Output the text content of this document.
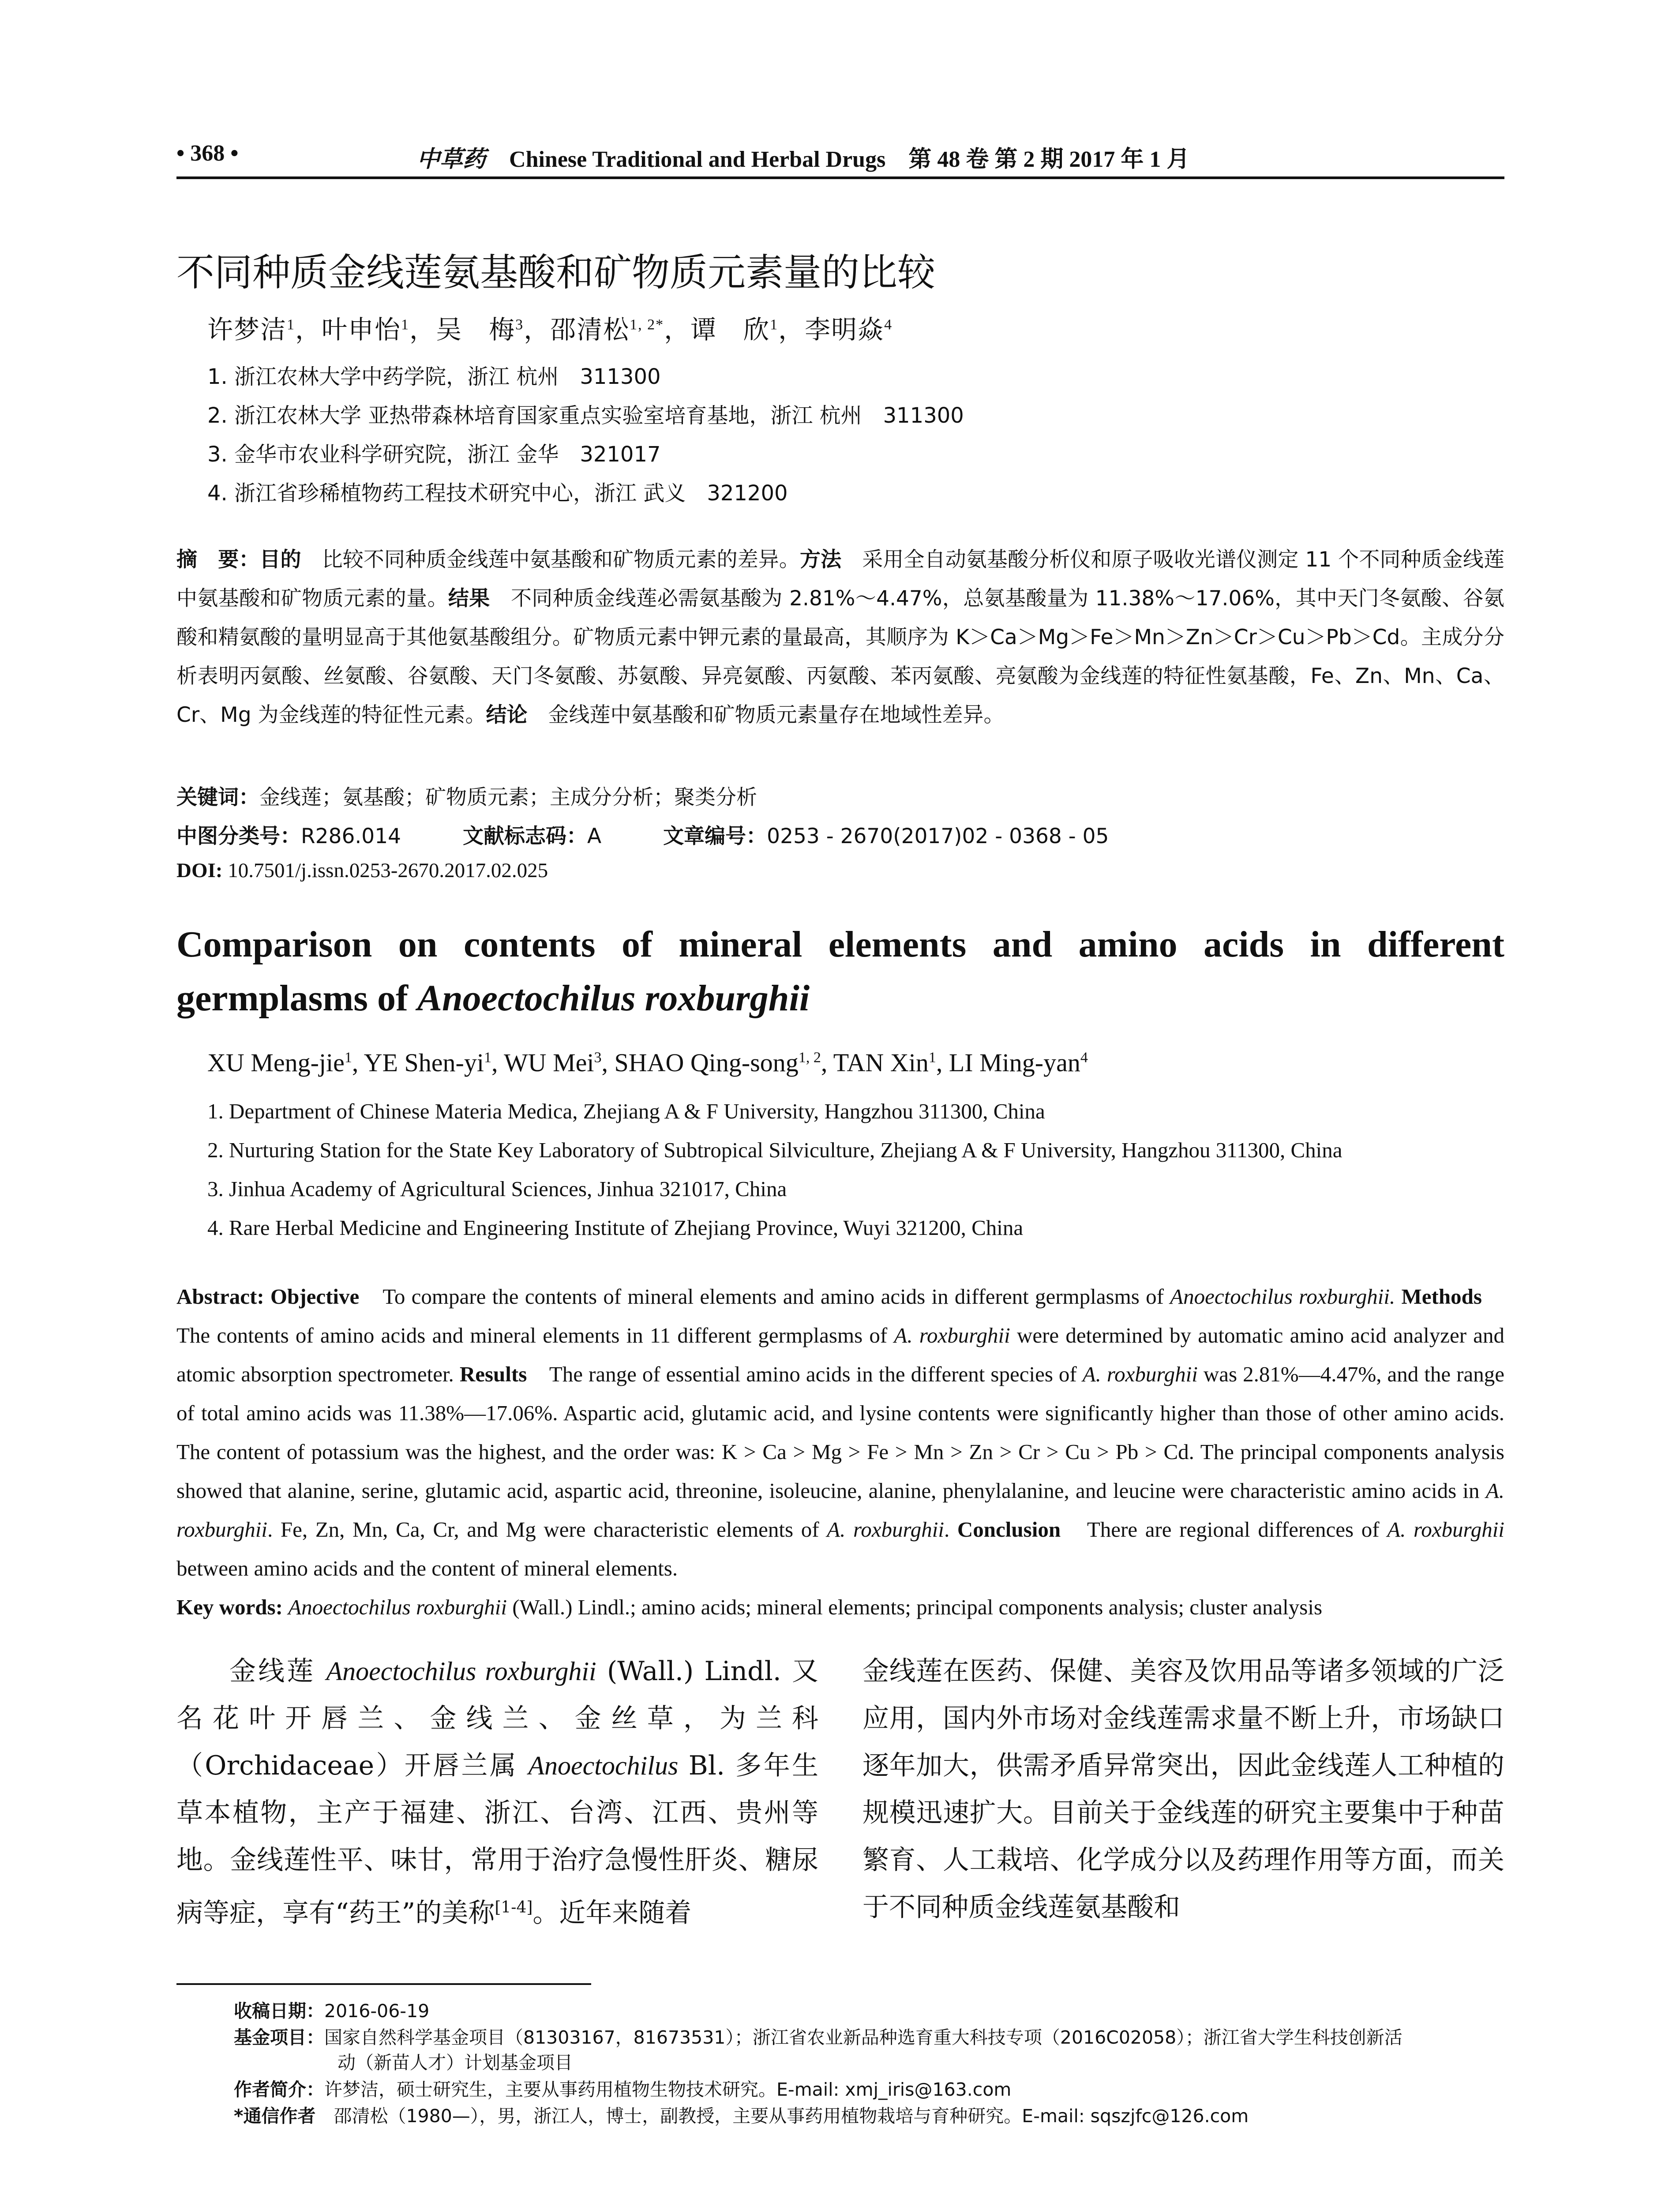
• 368 •	中草药 Chinese Traditional and Herbal Drugs 第 48 卷 第 2 期 2017 年 1 月
不同种质金线莲氨基酸和矿物质元素量的比较
许梦洁$^1$，叶申怡$^1$，吴　梅$^3$，邵清松$^{1, 2*}$，谭　欣$^1$，李明焱$^4$
1. 浙江农林大学中药学院，浙江 杭州　311300
2. 浙江农林大学 亚热带森林培育国家重点实验室培育基地，浙江 杭州　311300
3. 金华市农业科学研究院，浙江 金华　321017
4. 浙江省珍稀植物药工程技术研究中心，浙江 武义　321200
摘　要：目的　比较不同种质金线莲中氨基酸和矿物质元素的差异。方法　采用全自动氨基酸分析仪和原子吸收光谱仪测定 11 个不同种质金线莲中氨基酸和矿物质元素的量。结果　不同种质金线莲必需氨基酸为 2.81%～4.47%，总氨基酸量为 11.38%～17.06%，其中天门冬氨酸、谷氨酸和精氨酸的量明显高于其他氨基酸组分。矿物质元素中钾元素的量最高，其顺序为 K＞Ca＞Mg＞Fe＞Mn＞Zn＞Cr＞Cu＞Pb＞Cd。主成分分析表明丙氨酸、丝氨酸、谷氨酸、天门冬氨酸、苏氨酸、异亮氨酸、丙氨酸、苯丙氨酸、亮氨酸为金线莲的特征性氨基酸，Fe、Zn、Mn、Ca、Cr、Mg 为金线莲的特征性元素。结论　金线莲中氨基酸和矿物质元素量存在地域性差异。
关键词：金线莲；氨基酸；矿物质元素；主成分分析；聚类分析
中图分类号：R286.014	文献标志码：A	文章编号：0253 - 2670(2017)02 - 0368 - 05
DOI: 10.7501/j.issn.0253-2670.2017.02.025
Comparison on contents of mineral elements and amino acids in different germplasms of Anoectochilus roxburghii
XU Meng-jie$^1$, YE Shen-$yi^1$, WU Mei$^3$, SHAO Qing-song$^{1, 2}$, TAN Xin$^1$, LI Ming-yan$^4$
1. Department of Chinese Materia Medica, Zhejiang A & F University, Hangzhou 311300, China
2. Nurturing Station for the State Key Laboratory of Subtropical Silviculture, Zhejiang A & F University, Hangzhou 311300, China
3. Jinhua Academy of Agricultural Sciences, Jinhua 321017, China
4. Rare Herbal Medicine and Engineering Institute of Zhejiang Province, Wuyi 321200, China
Abstract: Objective　To compare the contents of mineral elements and amino acids in different germplasms of Anoectochilus roxburghii. Methods　The contents of amino acids and mineral elements in 11 different germplasms of A. roxburghii were determined by automatic amino acid analyzer and atomic absorption spectrometer. Results　The range of essential amino acids in the different species of A. roxburghii was 2.81%—4.47%, and the range of total amino acids was 11.38%—17.06%. Aspartic acid, glutamic acid, and lysine contents were significantly higher than those of other amino acids. The content of potassium was the highest, and the order was: K > Ca > Mg > Fe > Mn > Zn > Cr > Cu > Pb > Cd. The principal components analysis showed that alanine, serine, glutamic acid, aspartic acid, threonine, isoleucine, alanine, phenylalanine, and leucine were characteristic amino acids in A. roxburghii. Fe, Zn, Mn, Ca, Cr, and Mg were characteristic elements of A. roxburghii. Conclusion　There are regional differences of A. roxburghii between amino acids and the content of mineral elements.
Key words: Anoectochilus roxburghii (Wall.) Lindl.; amino acids; mineral elements; principal components analysis; cluster analysis
金线莲 Anoectochilus roxburghii (Wall.) Lindl. 又名花叶开唇兰、金线兰、金丝草，为兰科（Orchidaceae）开唇兰属 Anoectochilus Bl. 多年生草本植物，主产于福建、浙江、台湾、江西、贵州等地。金线莲性平、味甘，常用于治疗急慢性肝炎、糖尿病等症，享有“药王”的美称[1-4]。近年来随着
金线莲在医药、保健、美容及饮用品等诸多领域的广泛应用，国内外市场对金线莲需求量不断上升，市场缺口逐年加大，供需矛盾异常突出，因此金线莲人工种植的规模迅速扩大。目前关于金线莲的研究主要集中于种苗繁育、人工栽培、化学成分以及药理作用等方面，而关于不同种质金线莲氨基酸和
收稿日期：2016-06-19
基金项目：国家自然科学基金项目（81303167，81673531）；浙江省农业新品种选育重大科技专项（2016C02058）；浙江省大学生科技创新活
动（新苗人才）计划基金项目
作者简介：许梦洁，硕士研究生，主要从事药用植物生物技术研究。E-mail: xmj_iris@163.com
*通信作者　邵清松（1980—），男，浙江人，博士，副教授，主要从事药用植物栽培与育种研究。E-mail: sqszjfc@126.com
